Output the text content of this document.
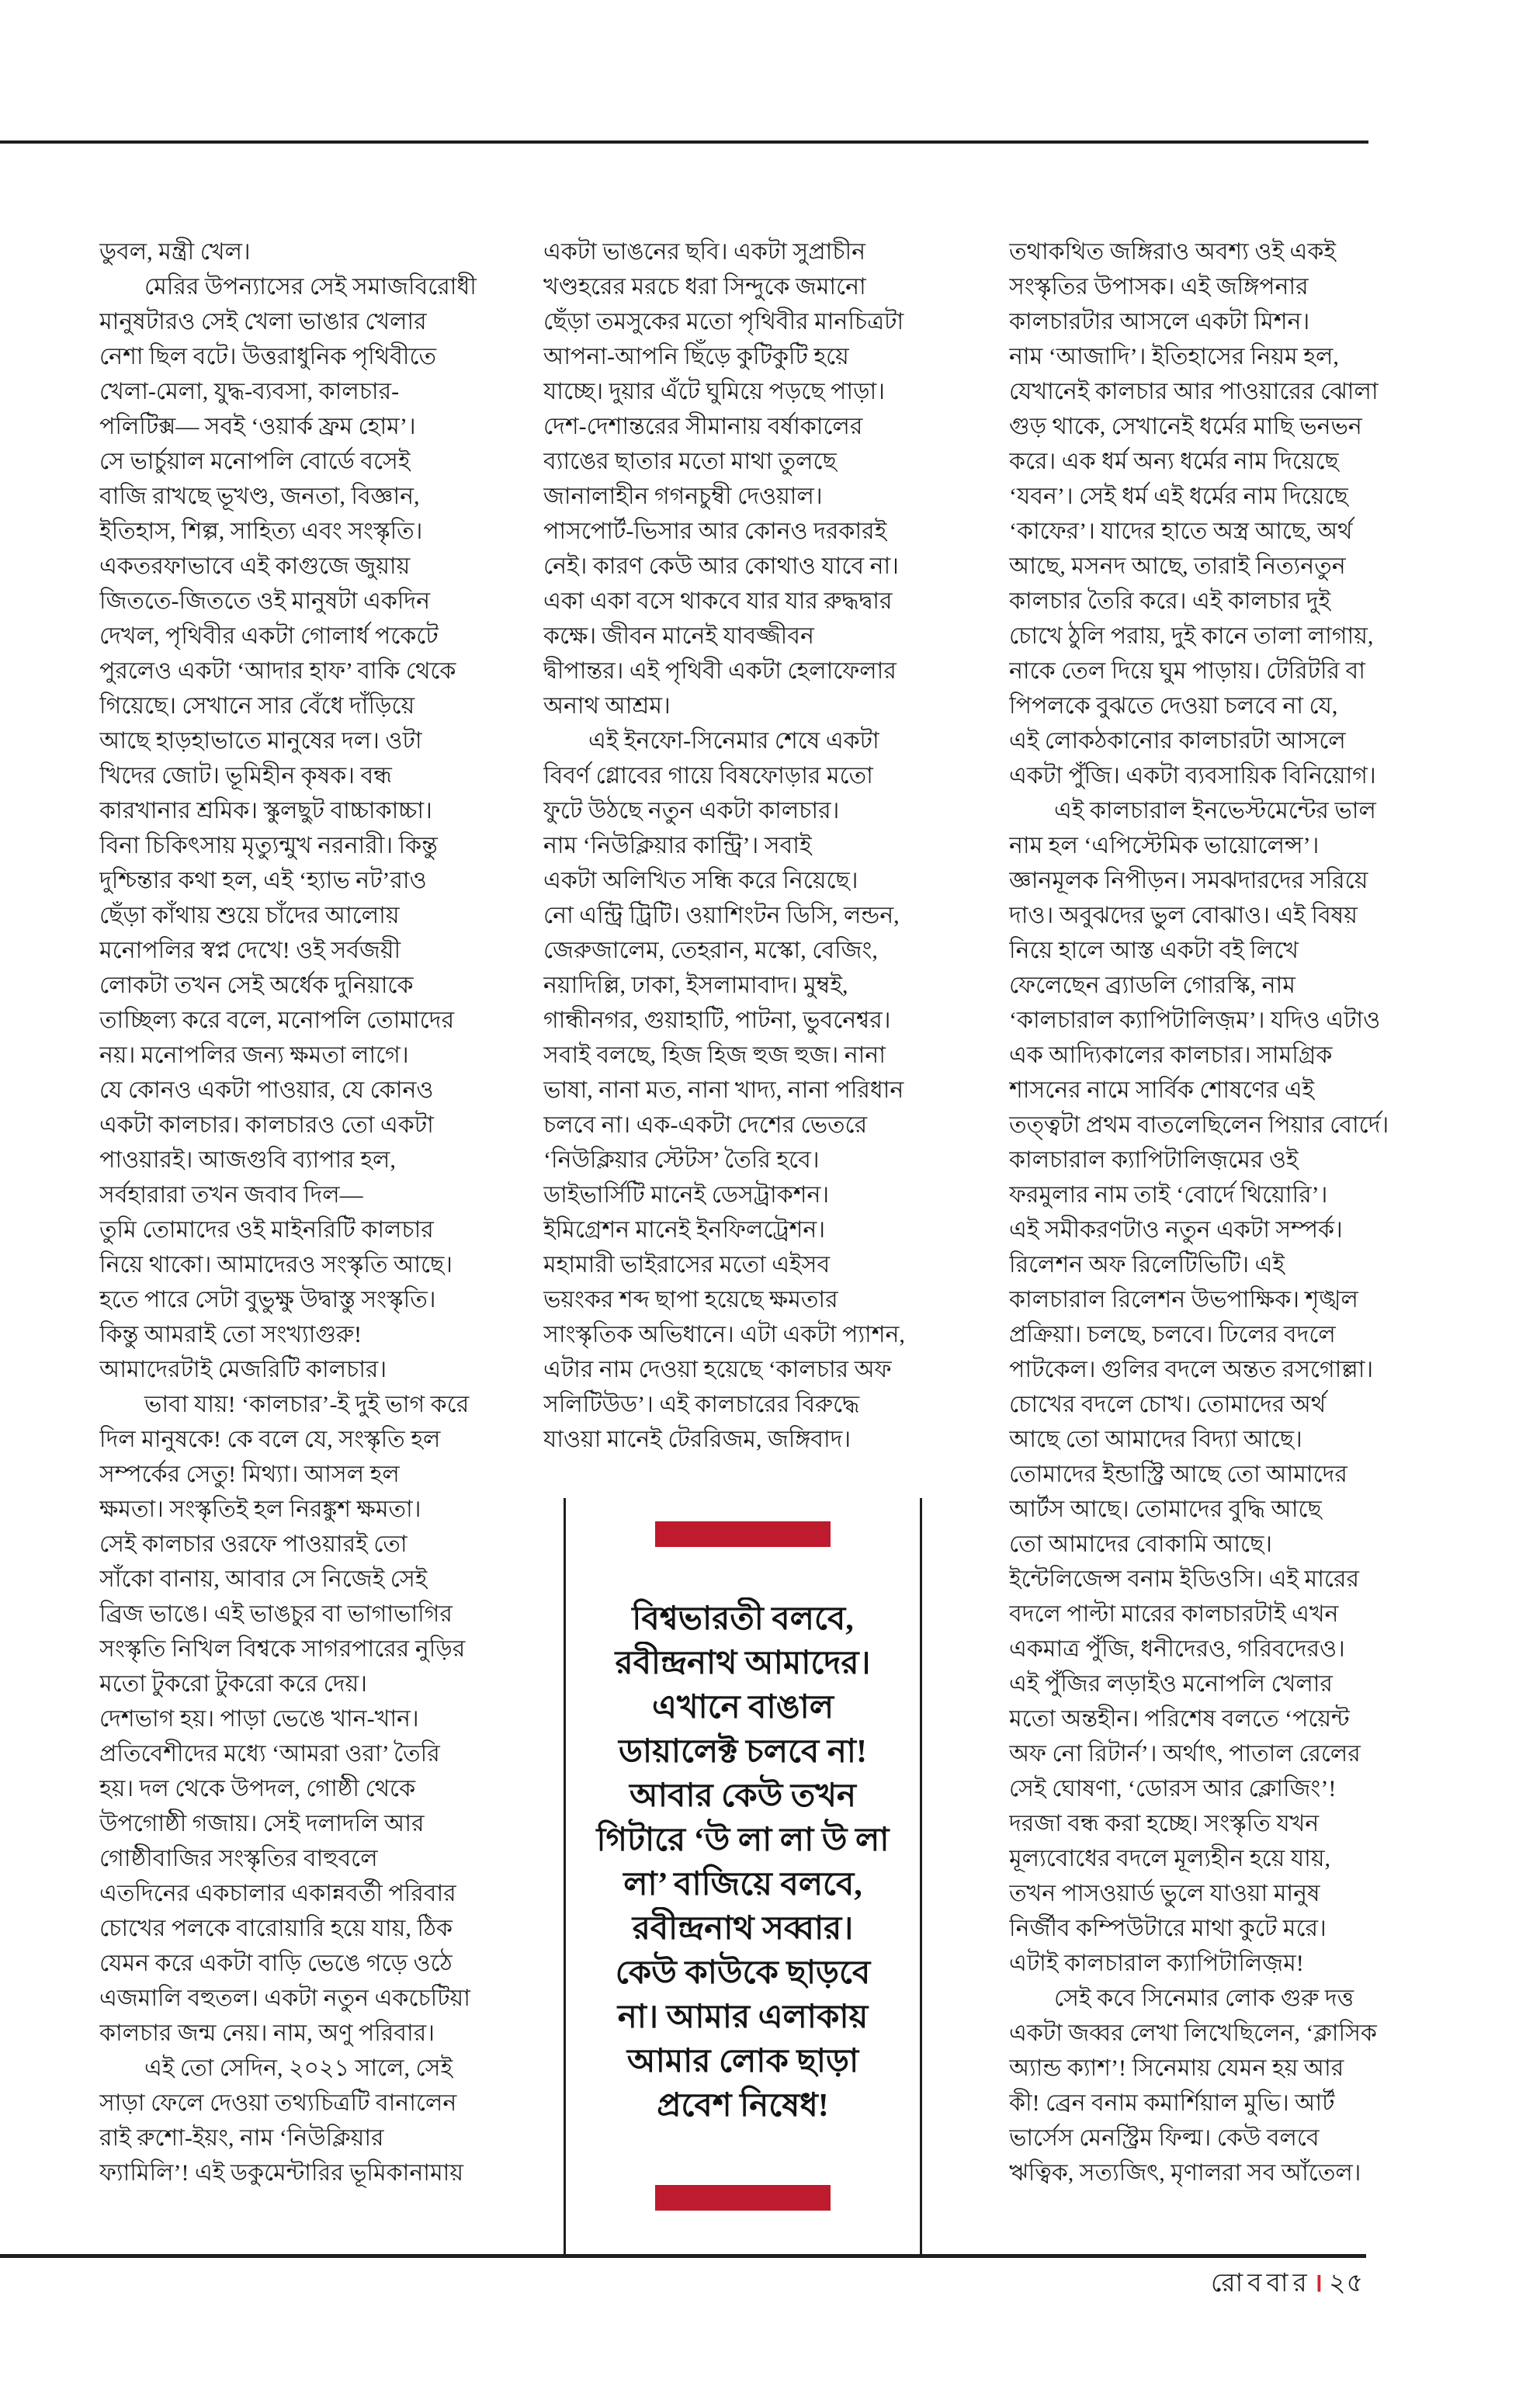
ডুবল, মন্ত্রী খেল।
মেরির উপন্যাসের সেই সমাজবিরোধী
মানুষটারও সেই খেলা ভাঙার খেলার
নেশা ছিল বটে। উত্তরাধুনিক পৃথিবীতে
খেলা-মেলা, যুদ্ধ-ব্যবসা, কালচার-
পলিটিক্স— সবই ‘ওয়ার্ক ফ্রম হোম’।
সে ভার্চুয়াল মনোপলি বোর্ডে বসেই
বাজি রাখছে ভূখণ্ড, জনতা, বিজ্ঞান,
ইতিহাস, শিল্প, সাহিত্য এবং সংস্কৃতি।
একতরফাভাবে এই কাগুজে জুয়ায়
জিততে-জিততে ওই মানুষটা একদিন
দেখল, পৃথিবীর একটা গোলার্ধ পকেটে
পুরলেও একটা ‘আদার হাফ’ বাকি থেকে
গিয়েছে। সেখানে সার বেঁধে দাঁড়িয়ে
আছে হাড়হাভাতে মানুষের দল। ওটা
খিদের জোট। ভূমিহীন কৃষক। বন্ধ
কারখানার শ্রমিক। স্কুলছুট বাচ্চাকাচ্চা।
বিনা চিকিৎসায় মৃত্যুন্মুখ নরনারী। কিন্তু
দুশ্চিন্তার কথা হল, এই ‘হ্যাভ নট’রাও
ছেঁড়া কাঁথায় শুয়ে চাঁদের আলোয়
মনোপলির স্বপ্ন দেখে! ওই সর্বজয়ী
লোকটা তখন সেই অর্ধেক দুনিয়াকে
তাচ্ছিল্য করে বলে, মনোপলি তোমাদের
নয়। মনোপলির জন্য ক্ষমতা লাগে।
যে কোনও একটা পাওয়ার, যে কোনও
একটা কালচার। কালচারও তো একটা
পাওয়ারই। আজগুবি ব্যাপার হল,
সর্বহারারা তখন জবাব দিল—
তুমি তোমাদের ওই মাইনরিটি কালচার
নিয়ে থাকো। আমাদেরও সংস্কৃতি আছে।
হতে পারে সেটা বুভুক্ষু উদ্বাস্তু সংস্কৃতি।
কিন্তু আমরাই তো সংখ্যাগুরু!
আমাদেরটাই মেজরিটি কালচার।
ভাবা যায়! ‘কালচার’-ই দুই ভাগ করে
দিল মানুষকে! কে বলে যে, সংস্কৃতি হল
সম্পর্কের সেতু! মিথ্যা। আসল হল
ক্ষমতা। সংস্কৃতিই হল নিরঙ্কুশ ক্ষমতা।
সেই কালচার ওরফে পাওয়ারই তো
সাঁকো বানায়, আবার সে নিজেই সেই
ব্রিজ ভাঙে। এই ভাঙচুর বা ভাগাভাগির
সংস্কৃতি নিখিল বিশ্বকে সাগরপারের নুড়ির
মতো টুকরো টুকরো করে দেয়।
দেশভাগ হয়। পাড়া ভেঙে খান-খান।
প্রতিবেশীদের মধ্যে ‘আমরা ওরা’ তৈরি
হয়। দল থেকে উপদল, গোষ্ঠী থেকে
উপগোষ্ঠী গজায়। সেই দলাদলি আর
গোষ্ঠীবাজির সংস্কৃতির বাহুবলে
এতদিনের একচালার একান্নবর্তী পরিবার
চোখের পলকে বারোয়ারি হয়ে যায়, ঠিক
যেমন করে একটা বাড়ি ভেঙে গড়ে ওঠে
এজমালি বহুতল। একটা নতুন একচেটিয়া
কালচার জন্ম নেয়। নাম, অণু পরিবার।
এই তো সেদিন, ২০২১ সালে, সেই
সাড়া ফেলে দেওয়া তথ্যচিত্রটি বানালেন
রাই রুশো-ইয়ং, নাম ‘নিউক্লিয়ার
ফ্যামিলি’! এই ডকুমেন্টারির ভূমিকানামায়
একটা ভাঙনের ছবি। একটা সুপ্রাচীন
খণ্ডহরের মরচে ধরা সিন্দুকে জমানো
ছেঁড়া তমসুকের মতো পৃথিবীর মানচিত্রটা
আপনা-আপনি ছিঁড়ে কুটিকুটি হয়ে
যাচ্ছে। দুয়ার এঁটে ঘুমিয়ে পড়ছে পাড়া।
দেশ-দেশান্তরের সীমানায় বর্ষাকালের
ব্যাঙের ছাতার মতো মাথা তুলছে
জানালাহীন গগনচুম্বী দেওয়াল।
পাসপোর্ট-ভিসার আর কোনও দরকারই
নেই। কারণ কেউ আর কোথাও যাবে না।
একা একা বসে থাকবে যার যার রুদ্ধদ্বার
কক্ষে। জীবন মানেই যাবজ্জীবন
দ্বীপান্তর। এই পৃথিবী একটা হেলাফেলার
অনাথ আশ্রম।
এই ইনফো-সিনেমার শেষে একটা
বিবর্ণ গ্লোবের গায়ে বিষফোড়ার মতো
ফুটে উঠছে নতুন একটা কালচার।
নাম ‘নিউক্লিয়ার কান্ট্রি’। সবাই
একটা অলিখিত সন্ধি করে নিয়েছে।
নো এন্ট্রি ট্রিটি। ওয়াশিংটন ডিসি, লন্ডন,
জেরুজালেম, তেহরান, মস্কো, বেজিং,
নয়াদিল্লি, ঢাকা, ইসলামাবাদ। মুম্বই,
গান্ধীনগর, গুয়াহাটি, পাটনা, ভুবনেশ্বর।
সবাই বলছে, হিজ হিজ হুজ হুজ। নানা
ভাষা, নানা মত, নানা খাদ্য, নানা পরিধান
চলবে না। এক-একটা দেশের ভেতরে
‘নিউক্লিয়ার স্টেটস’ তৈরি হবে।
ডাইভার্সিটি মানেই ডেসট্রাকশন।
ইমিগ্রেশন মানেই ইনফিলট্রেশন।
মহামারী ভাইরাসের মতো এইসব
ভয়ংকর শব্দ ছাপা হয়েছে ক্ষমতার
সাংস্কৃতিক অভিধানে। এটা একটা প্যাশন,
এটার নাম দেওয়া হয়েছে ‘কালচার অফ
সলিটিউড’। এই কালচারের বিরুদ্ধে
যাওয়া মানেই টেররিজম, জঙ্গিবাদ।
বিশ্বভারতী বলবে,
রবীন্দ্রনাথ আমাদের।
এখানে বাঙাল
ডায়ালেক্ট চলবে না!
আবার কেউ তখন
গিটারে ‘উ লা লা উ লা
লা’ বাজিয়ে বলবে,
রবীন্দ্রনাথ সব্বার।
কেউ কাউকে ছাড়বে
না। আমার এলাকায়
আমার লোক ছাড়া
প্রবেশ নিষেধ!
তথাকথিত জঙ্গিরাও অবশ্য ওই একই
সংস্কৃতির উপাসক। এই জঙ্গিপনার
কালচারটার আসলে একটা মিশন।
নাম ‘আজাদি’। ইতিহাসের নিয়ম হল,
যেখানেই কালচার আর পাওয়ারের ঝোলা
গুড় থাকে, সেখানেই ধর্মের মাছি ভনভন
করে। এক ধর্ম অন্য ধর্মের নাম দিয়েছে
‘যবন’। সেই ধর্ম এই ধর্মের নাম দিয়েছে
‘কাফের’। যাদের হাতে অস্ত্র আছে, অর্থ
আছে, মসনদ আছে, তারাই নিত্যনতুন
কালচার তৈরি করে। এই কালচার দুই
চোখে ঠুলি পরায়, দুই কানে তালা লাগায়,
নাকে তেল দিয়ে ঘুম পাড়ায়। টেরিটরি বা
পিপলকে বুঝতে দেওয়া চলবে না যে,
এই লোকঠকানোর কালচারটা আসলে
একটা পুঁজি। একটা ব্যবসায়িক বিনিয়োগ।
এই কালচারাল ইনভেস্টমেন্টের ভাল
নাম হল ‘এপিস্টেমিক ভায়োলেন্স’।
জ্ঞানমূলক নিপীড়ন। সমঝদারদের সরিয়ে
দাও। অবুঝদের ভুল বোঝাও। এই বিষয়
নিয়ে হালে আস্ত একটা বই লিখে
ফেলেছেন ব্র্যাডলি গোরস্কি, নাম
‘কালচারাল ক্যাপিটালিজ়ম’। যদিও এটাও
এক আদ্যিকালের কালচার। সামগ্রিক
শাসনের নামে সার্বিক শোষণের এই
তত্ত্বটা প্রথম বাতলেছিলেন পিয়ার বোর্দে।
কালচারাল ক্যাপিটালিজ়মের ওই
ফরমুলার নাম তাই ‘বোর্দে থিয়োরি’।
এই সমীকরণটাও নতুন একটা সম্পর্ক।
রিলেশন অফ রিলেটিভিটি। এই
কালচারাল রিলেশন উভপাক্ষিক। শৃঙ্খল
প্রক্রিয়া। চলছে, চলবে। ঢিলের বদলে
পাটকেল। গুলির বদলে অন্তত রসগোল্লা।
চোখের বদলে চোখ। তোমাদের অর্থ
আছে তো আমাদের বিদ্যা আছে।
তোমাদের ইন্ডাস্ট্রি আছে তো আমাদের
আর্টস আছে। তোমাদের বুদ্ধি আছে
তো আমাদের বোকামি আছে।
ইন্টেলিজেন্স বনাম ইডিওসি। এই মারের
বদলে পাল্টা মারের কালচারটাই এখন
একমাত্র পুঁজি, ধনীদেরও, গরিবদেরও।
এই পুঁজির লড়াইও মনোপলি খেলার
মতো অন্তহীন। পরিশেষ বলতে ‘পয়েন্ট
অফ নো রিটার্ন’। অর্থাৎ, পাতাল রেলের
সেই ঘোষণা, ‘ডোরস আর ক্লোজিং’!
দরজা বন্ধ করা হচ্ছে। সংস্কৃতি যখন
মূল্যবোধের বদলে মূল্যহীন হয়ে যায়,
তখন পাসওয়ার্ড ভুলে যাওয়া মানুষ
নির্জীব কম্পিউটারে মাথা কুটে মরে।
এটাই কালচারাল ক্যাপিটালিজ়ম!
সেই কবে সিনেমার লোক গুরু দত্ত
একটা জব্বর লেখা লিখেছিলেন, ‘ক্লাসিক
অ্যান্ড ক্যাশ’! সিনেমায় যেমন হয় আর
কী! ব্রেন বনাম কমার্শিয়াল মুভি। আর্ট
ভার্সেস মেনস্ট্রিম ফিল্ম। কেউ বলবে
ঋত্বিক, সত্যজিৎ, মৃণালরা সব আঁতেল।
রোববার। ২৫
